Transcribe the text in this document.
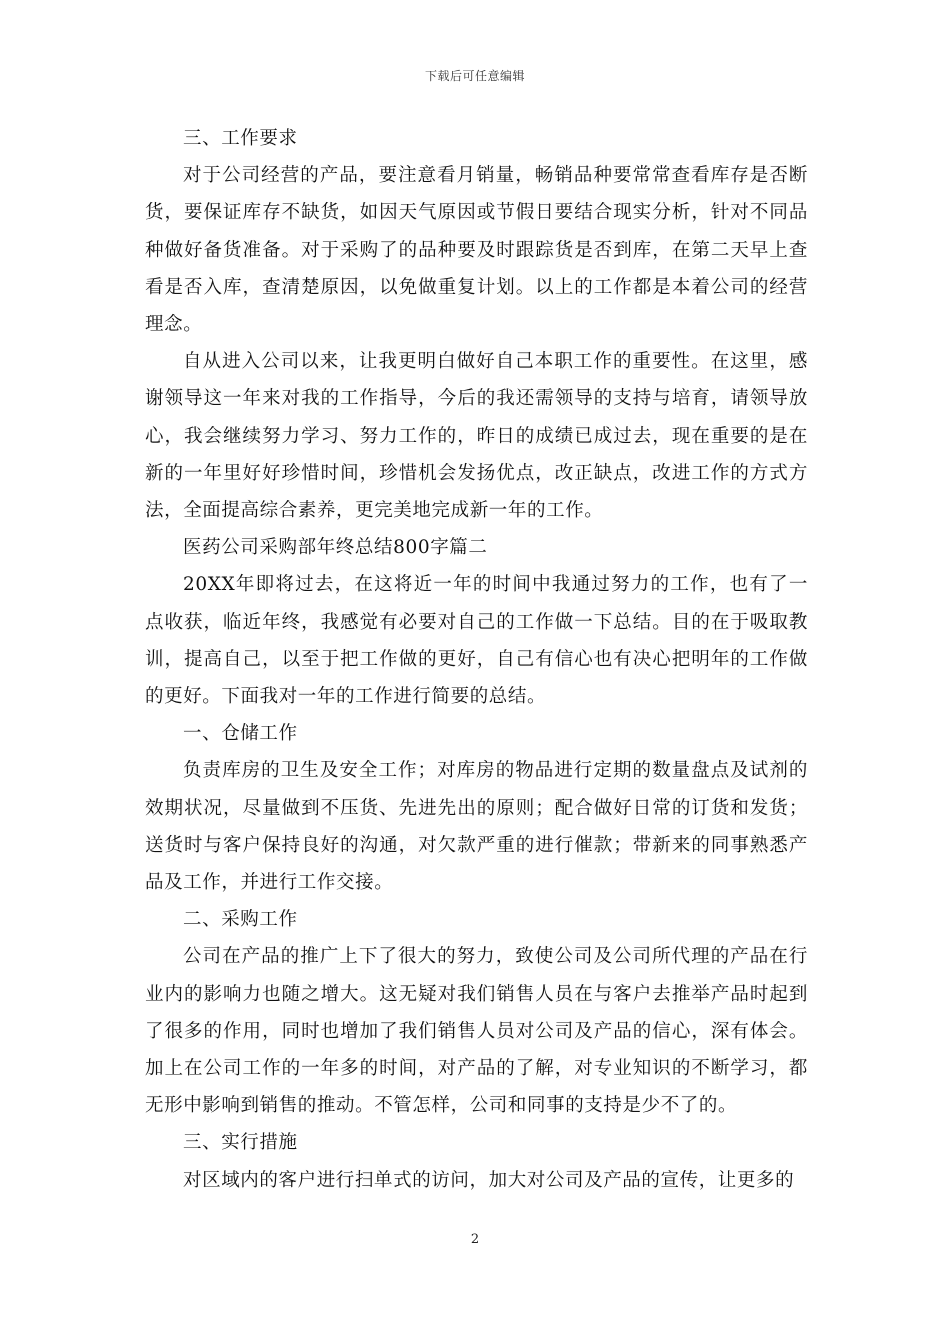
下载后可任意编辑

三、工作要求

对于公司经营的产品，要注意看月销量，畅销品种要常常查看库存是否断货，要保证库存不缺货，如因天气原因或节假日要结合现实分析，针对不同品种做好备货准备。对于采购了的品种要及时跟踪货是否到库，在第二天早上查看是否入库，查清楚原因，以免做重复计划。以上的工作都是本着公司的经营理念。

自从进入公司以来，让我更明白做好自己本职工作的重要性。在这里，感谢领导这一年来对我的工作指导，今后的我还需领导的支持与培育，请领导放心，我会继续努力学习、努力工作的，昨日的成绩已成过去，现在重要的是在新的一年里好好珍惜时间，珍惜机会发扬优点，改正缺点，改进工作的方式方法，全面提高综合素养，更完美地完成新一年的工作。

医药公司采购部年终总结800字篇二

20XX年即将过去，在这将近一年的时间中我通过努力的工作，也有了一点收获，临近年终，我感觉有必要对自己的工作做一下总结。目的在于吸取教训，提高自己，以至于把工作做的更好，自己有信心也有决心把明年的工作做的更好。下面我对一年的工作进行简要的总结。

一、仓储工作

负责库房的卫生及安全工作；对库房的物品进行定期的数量盘点及试剂的效期状况，尽量做到不压货、先进先出的原则；配合做好日常的订货和发货；送货时与客户保持良好的沟通，对欠款严重的进行催款；带新来的同事熟悉产品及工作，并进行工作交接。

二、采购工作

公司在产品的推广上下了很大的努力，致使公司及公司所代理的产品在行业内的影响力也随之增大。这无疑对我们销售人员在与客户去推举产品时起到了很多的作用，同时也增加了我们销售人员对公司及产品的信心，深有体会。加上在公司工作的一年多的时间，对产品的了解，对专业知识的不断学习，都无形中影响到销售的推动。不管怎样，公司和同事的支持是少不了的。

三、实行措施

对区域内的客户进行扫单式的访问，加大对公司及产品的宣传，让更多的

2
